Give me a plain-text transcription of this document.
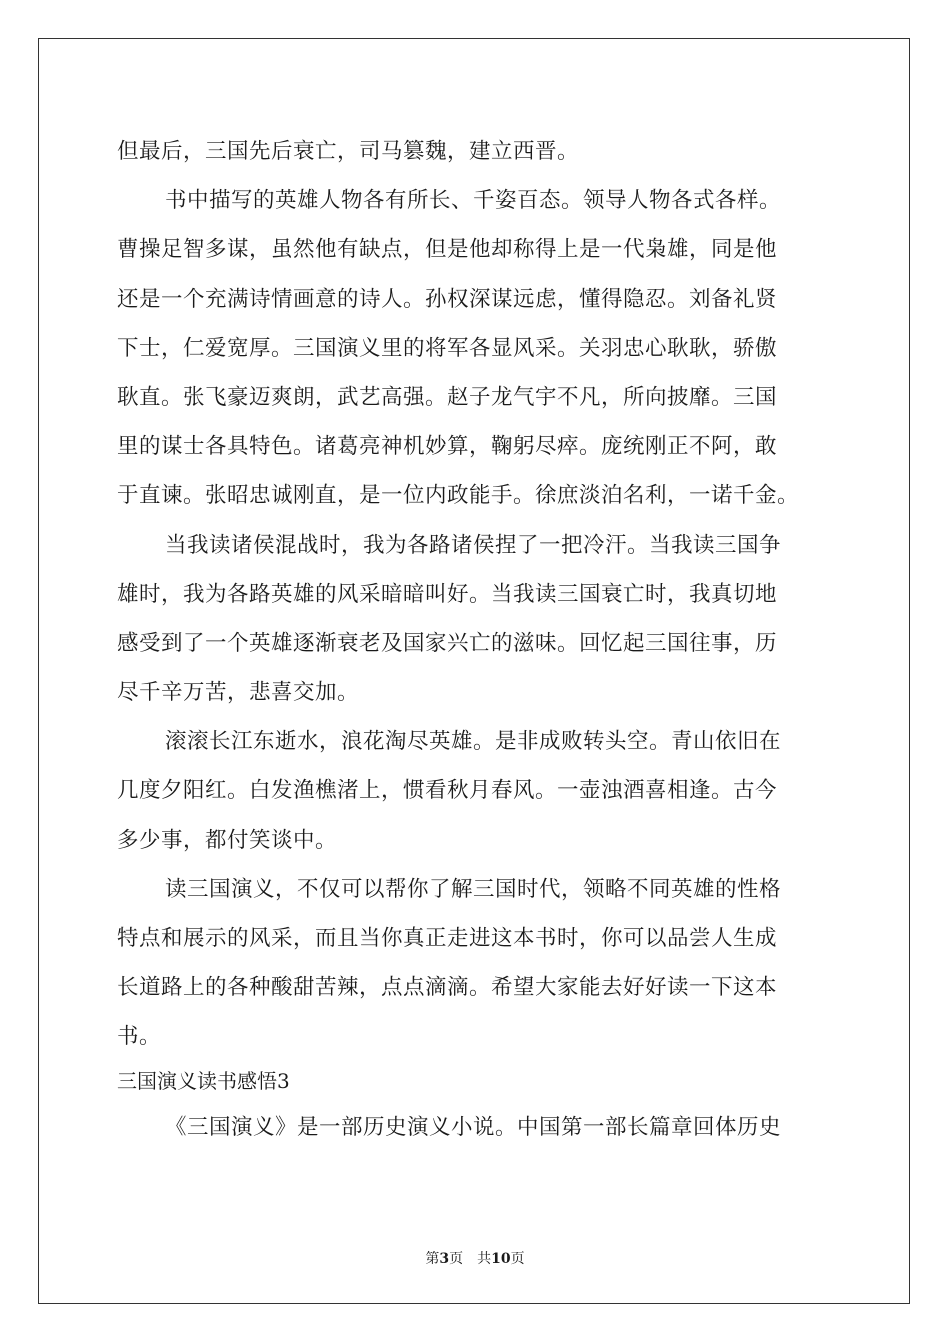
但最后，三国先后衰亡，司马篡魏，建立西晋。
书中描写的英雄人物各有所长、千姿百态。领导人物各式各样。
曹操足智多谋，虽然他有缺点，但是他却称得上是一代枭雄，同是他
还是一个充满诗情画意的诗人。孙权深谋远虑，懂得隐忍。刘备礼贤
下士，仁爱宽厚。三国演义里的将军各显风采。关羽忠心耿耿，骄傲
耿直。张飞豪迈爽朗，武艺高强。赵子龙气宇不凡，所向披靡。三国
里的谋士各具特色。诸葛亮神机妙算，鞠躬尽瘁。庞统刚正不阿，敢
于直谏。张昭忠诚刚直，是一位内政能手。徐庶淡泊名利，一诺千金。
当我读诸侯混战时，我为各路诸侯捏了一把冷汗。当我读三国争
雄时，我为各路英雄的风采暗暗叫好。当我读三国衰亡时，我真切地
感受到了一个英雄逐渐衰老及国家兴亡的滋味。回忆起三国往事，历
尽千辛万苦，悲喜交加。
滚滚长江东逝水，浪花淘尽英雄。是非成败转头空。青山依旧在
几度夕阳红。白发渔樵渚上，惯看秋月春风。一壶浊酒喜相逢。古今
多少事，都付笑谈中。
读三国演义，不仅可以帮你了解三国时代，领略不同英雄的性格
特点和展示的风采，而且当你真正走进这本书时，你可以品尝人生成
长道路上的各种酸甜苦辣，点点滴滴。希望大家能去好好读一下这本
书。
三国演义读书感悟3
《三国演义》是一部历史演义小说。中国第一部长篇章回体历史
第3页　共10页
